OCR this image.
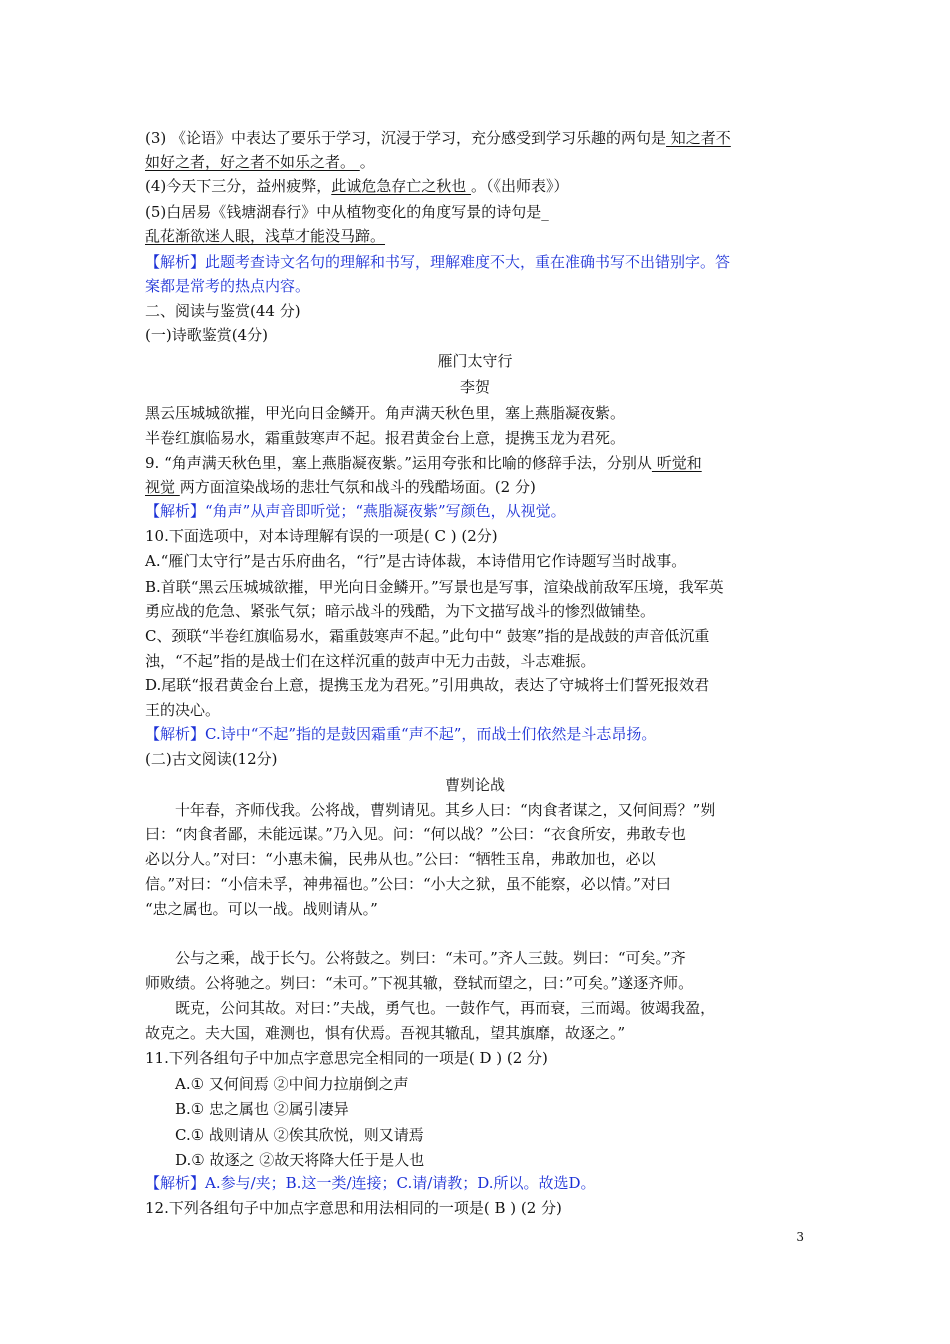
(3) 《论语》中表达了要乐于学习，沉浸于学习，充分感受到学习乐趣的两句是 知之者不
如好之者，好之者不如乐之者。 。
(4)今天下三分，益州疲弊，此诚危急存亡之秋也 。（《出师表》）
(5)白居易《钱塘湖春行》中从植物变化的角度写景的诗句是_
乱花渐欲迷人眼，浅草才能没马蹄。
【解析】此题考查诗文名句的理解和书写，理解难度不大，重在准确书写不出错别字。答
案都是常考的热点内容。
二、阅读与鉴赏(44 分)
(一)诗歌鉴赏(4分)
雁门太守行
李贺
黑云压城城欲摧，甲光向日金鳞开。角声满天秋色里，塞上燕脂凝夜紫。
半卷红旗临易水，霜重鼓寒声不起。报君黄金台上意，提携玉龙为君死。
9. “角声满天秋色里，塞上燕脂凝夜紫。”运用夸张和比喻的修辞手法，分别从 听觉和
视觉 两方面渲染战场的悲壮气氛和战斗的残酷场面。(2 分)
【解析】“角声”从声音即听觉；“燕脂凝夜紫”写颜色，从视觉。
10.下面选项中，对本诗理解有误的一项是( C ) (2分)
A.“雁门太守行”是古乐府曲名，“行”是古诗体裁，本诗借用它作诗题写当时战事。
B.首联“黑云压城城欲摧，甲光向日金鳞开。”写景也是写事，渲染战前敌军压境，我军英
勇应战的危急、紧张气氛；暗示战斗的残酷，为下文描写战斗的惨烈做铺垫。
C、颈联“半卷红旗临易水，霜重鼓寒声不起。”此句中“ 鼓寒”指的是战鼓的声音低沉重
浊，“不起”指的是战士们在这样沉重的鼓声中无力击鼓，斗志难振。
D.尾联“报君黄金台上意，提携玉龙为君死。”引用典故，表达了守城将士们誓死报效君
王的决心。
【解析】C.诗中“不起”指的是鼓因霜重“声不起”，而战士们依然是斗志昂扬。
(二)古文阅读(12分)
曹刿论战
十年春，齐师伐我。公将战，曹刿请见。其乡人曰：“肉食者谋之，又何间焉？”刿
曰：“肉食者鄙，未能远谋。”乃入见。问：“何以战？”公曰：“衣食所安，弗敢专也
必以分人。”对曰：“小惠未徧，民弗从也。”公曰：“牺牲玉帛，弗敢加也，必以
信。”对曰：“小信未孚，神弗福也。”公曰：“小大之狱，虽不能察，必以情。”对曰
“忠之属也。可以一战。战则请从。”
公与之乘，战于长勺。公将鼓之。刿曰：“未可。”齐人三鼓。刿曰：“可矣。”齐
师败绩。公将驰之。刿曰：“未可。”下视其辙，登轼而望之，曰：”可矣。”遂逐齐师。
既克，公问其故。对曰：”夫战，勇气也。一鼓作气，再而衰，三而竭。彼竭我盈，
故克之。夫大国，难测也，惧有伏焉。吾视其辙乱，望其旗靡，故逐之。”
11.下列各组句子中加点字意思完全相同的一项是( D ) (2 分)
A.① 又何间焉 ②中间力拉崩倒之声
B.① 忠之属也 ②属引凄异
C.① 战则请从 ②俟其欣悦，则又请焉
D.① 故逐之 ②故天将降大任于是人也
【解析】A.参与/夹；B.这一类/连接；C.请/请教；D.所以。故选D。
12.下列各组句子中加点字意思和用法相同的一项是( B ) (2 分)
3
